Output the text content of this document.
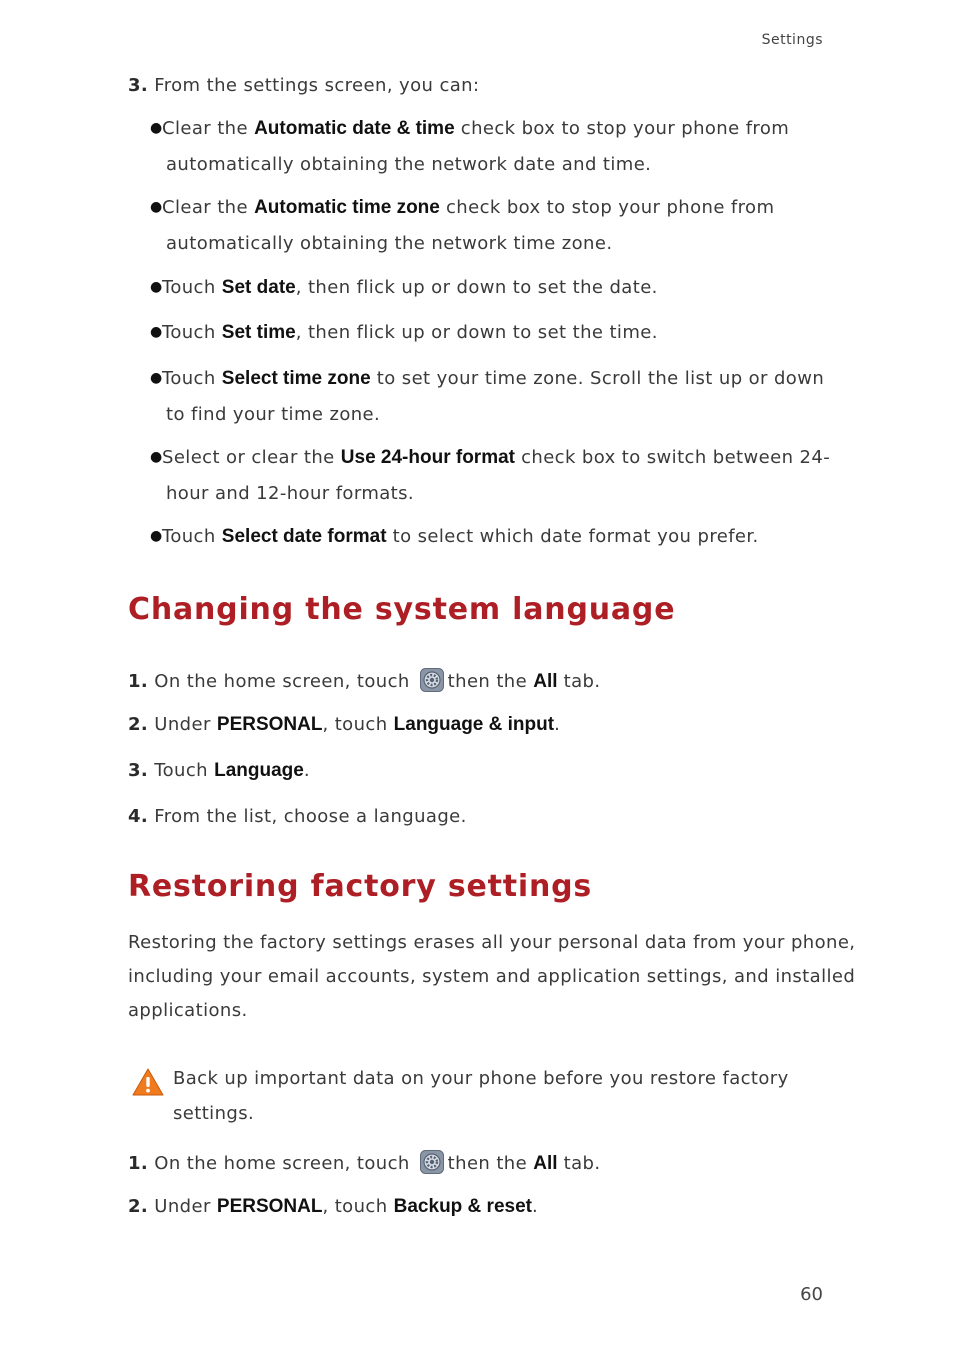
Settings
3. From the settings screen, you can:
●Clear the Automatic date & time check box to stop your phone from
automatically obtaining the network date and time.
●Clear the Automatic time zone check box to stop your phone from
automatically obtaining the network time zone.
●Touch Set date, then flick up or down to set the date.
●Touch Set time, then flick up or down to set the time.
●Touch Select time zone to set your time zone. Scroll the list up or down
to find your time zone.
●Select or clear the Use 24-hour format check box to switch between 24-
hour and 12-hour formats.
●Touch Select date format to select which date format you prefer.
Changing the system language
1. On the home screen, touch then the All tab.
2. Under PERSONAL, touch Language & input.
3. Touch Language.
4. From the list, choose a language.
Restoring factory settings
Restoring the factory settings erases all your personal data from your phone,
including your email accounts, system and application settings, and installed
applications.
Back up important data on your phone before you restore factory
settings.
1. On the home screen, touch then the All tab.
2. Under PERSONAL, touch Backup & reset.
60
